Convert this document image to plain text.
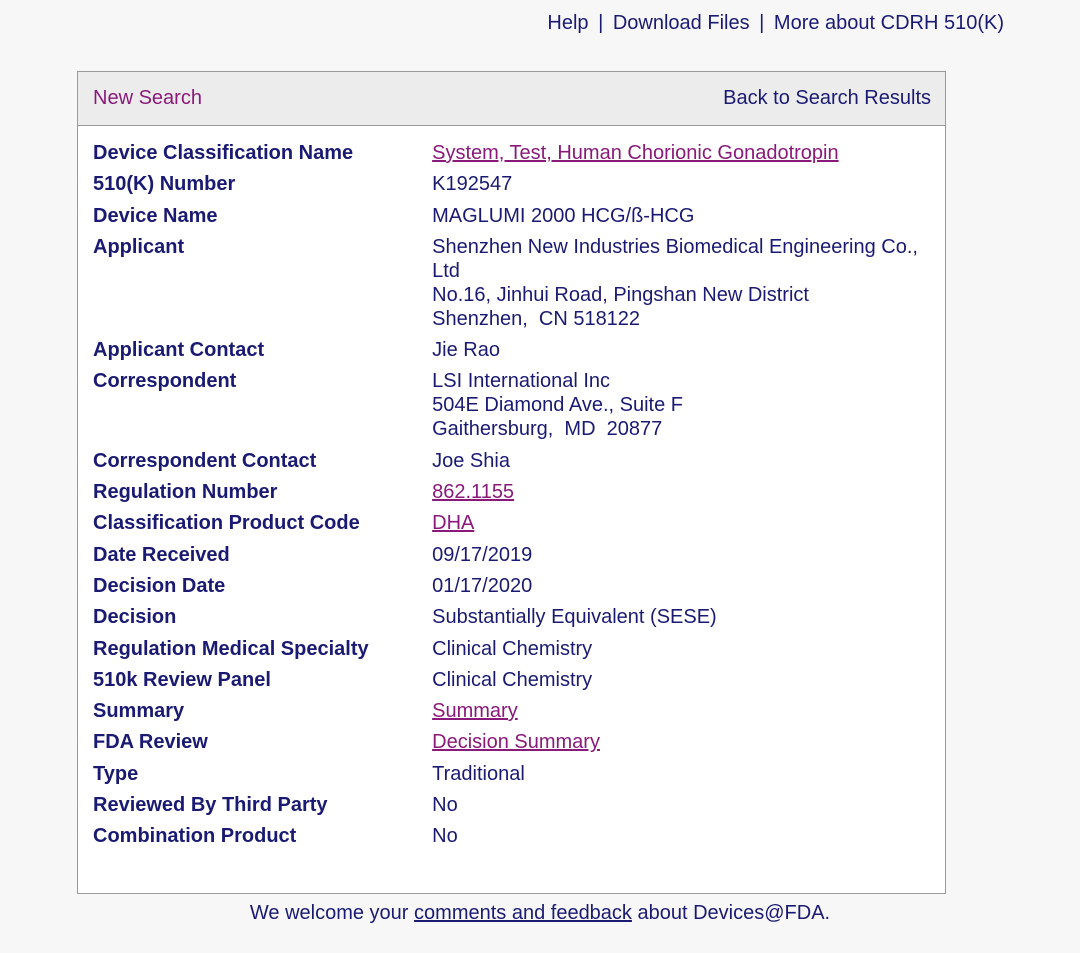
Help | Download Files | More about CDRH 510(K)
New Search	Back to Search Results
Device Classification Name	System, Test, Human Chorionic Gonadotropin
510(K) Number	K192547
Device Name	MAGLUMI 2000 HCG/ß-HCG
Applicant	Shenzhen New Industries Biomedical Engineering Co., Ltd
No.16, Jinhui Road, Pingshan New District
Shenzhen,  CN 518122

Applicant Contact	Jie Rao
Correspondent	LSI International Inc
504E Diamond Ave., Suite F
Gaithersburg,  MD  20877

Correspondent Contact	Joe Shia
Regulation Number	862.1155
Classification Product Code	DHA
Date Received	09/17/2019
Decision Date	01/17/2020
Decision	Substantially Equivalent (SESE)
Regulation Medical Specialty	Clinical Chemistry
510k Review Panel	Clinical Chemistry
Summary	Summary
FDA Review	Decision Summary
Type	Traditional
Reviewed By Third Party	No
Combination Product	No
We welcome your comments and feedback about Devices@FDA.
